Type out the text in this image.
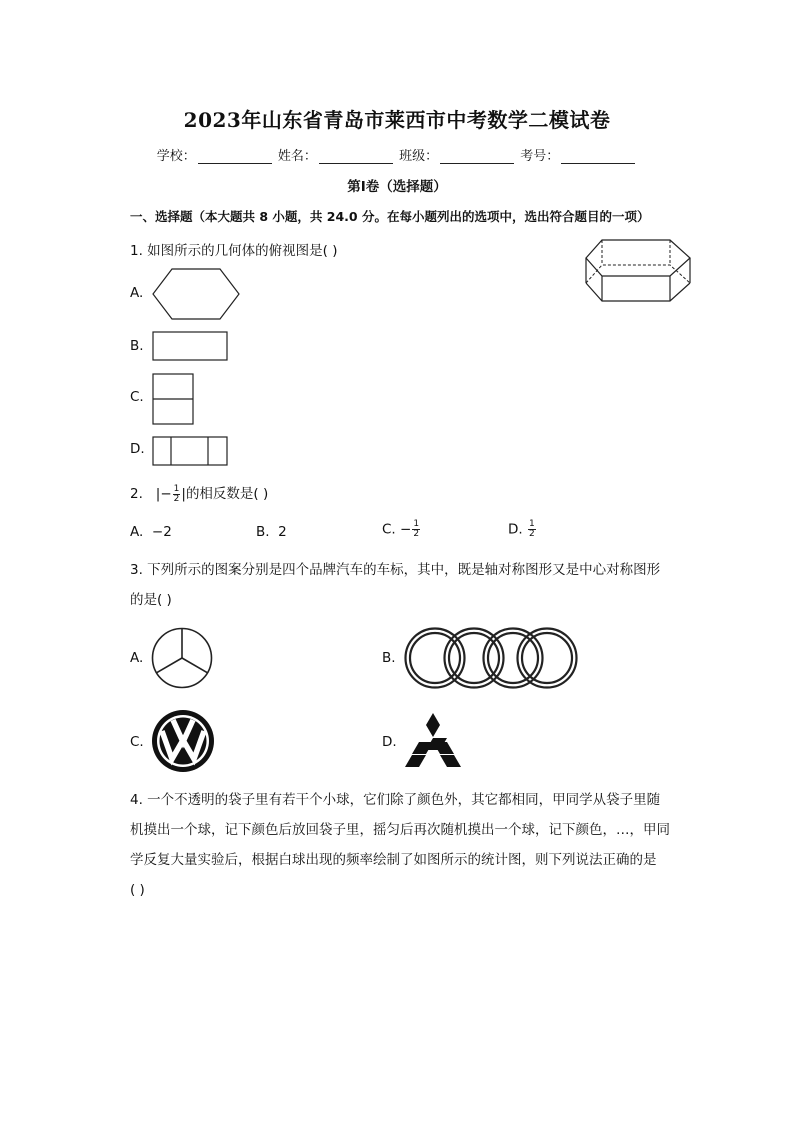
2023年山东省青岛市莱西市中考数学二模试卷
学校：	姓名：	班级：	考号：
第I卷（选择题）
一、选择题（本大题共 8 小题，共 24.0 分。在每小题列出的选项中，选出符合题目的一项）
1. 如图所示的几何体的俯视图是( )
A.
B.
C.
D.
2. |− $\frac{1}{2}$ |的相反数是( )
A. −2	B. 2	C. − $\frac{1}{2}$	D. $\frac{1}{2}$
3. 下列所示的图案分别是四个品牌汽车的车标，其中，既是轴对称图形又是中心对称图形
的是( )
A.	B.
C.	D.
4. 一个不透明的袋子里有若干个小球，它们除了颜色外，其它都相同，甲同学从袋子里随
机摸出一个球，记下颜色后放回袋子里，摇匀后再次随机摸出一个球，记下颜色，…，甲同
学反复大量实验后，根据白球出现的频率绘制了如图所示的统计图，则下列说法正确的是
( )
